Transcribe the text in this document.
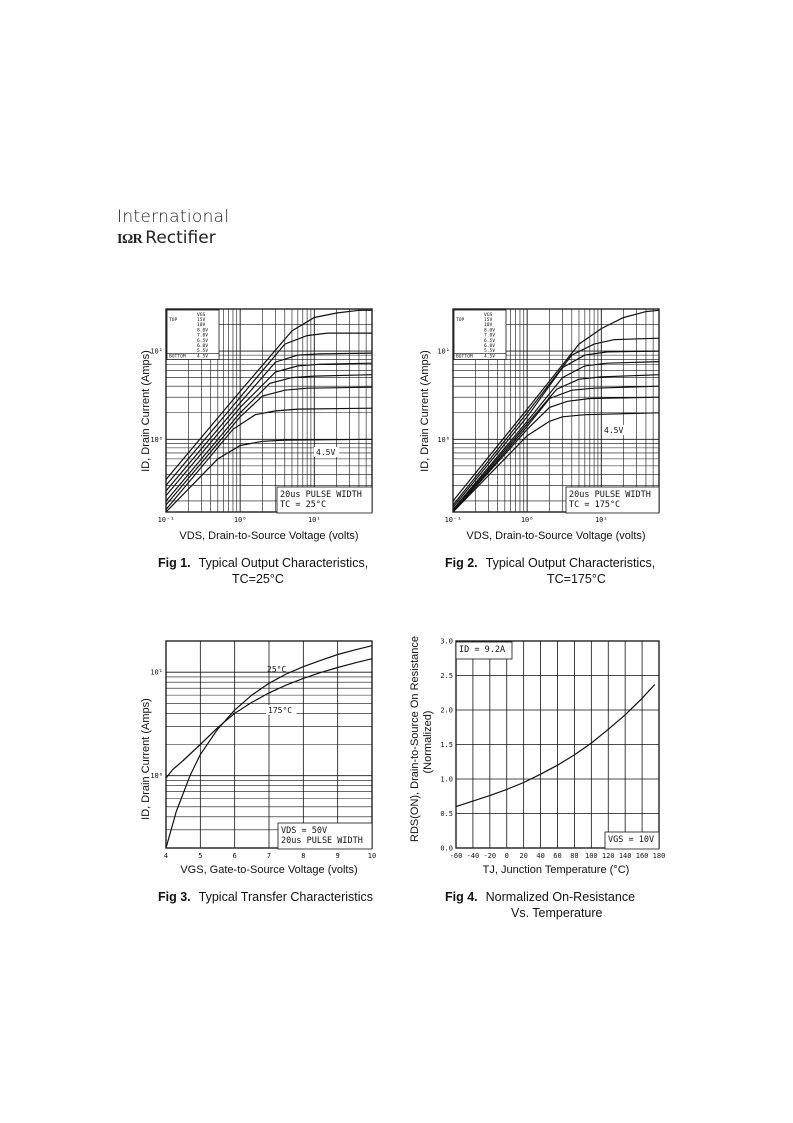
International
IΩR Rectifier
ID, Drain Current (Amps)
VDS, Drain-to-Source Voltage (volts)
Fig 1. Typical Output Characteristics,
TC=25°C
ID, Drain Current (Amps)
VDS, Drain-to-Source Voltage (volts)
Fig 2. Typical Output Characteristics,
TC=175°C
ID, Drain Current (Amps)
VGS, Gate-to-Source Voltage (volts)
Fig 3. Typical Transfer Characteristics
RDS(ON), Drain-to-Source On Resistance (Normalized)
TJ, Junction Temperature (°C)
Fig 4. Normalized On-Resistance
Vs. Temperature
10⁻¹	10⁰	10¹
10⁰
10¹
VGS
TOP	15V
10V
8.0V
7.0V
6.5V
6.0V
5.5V
BOTTOM 4.5V
4.5V
20us PULSE WIDTH
TC = 25°C
10⁻¹	10⁰	10¹
10⁰
10¹
VGS
TOP	15V
10V
8.0V
7.0V
6.5V
6.0V
5.5V
BOTTOM 4.5V
4.5V
20us PULSE WIDTH
TC = 175°C
4	5	6	7	8	9	10
10⁰
10¹	25°C
175°C
VDS = 50V
20us PULSE WIDTH
-60 -40 -20 0 20 40 60 80 100 120 140 160 180
0.0
0.5
1.0
1.5
2.0
2.5
3.0
ID = 9.2A
VGS = 10V
